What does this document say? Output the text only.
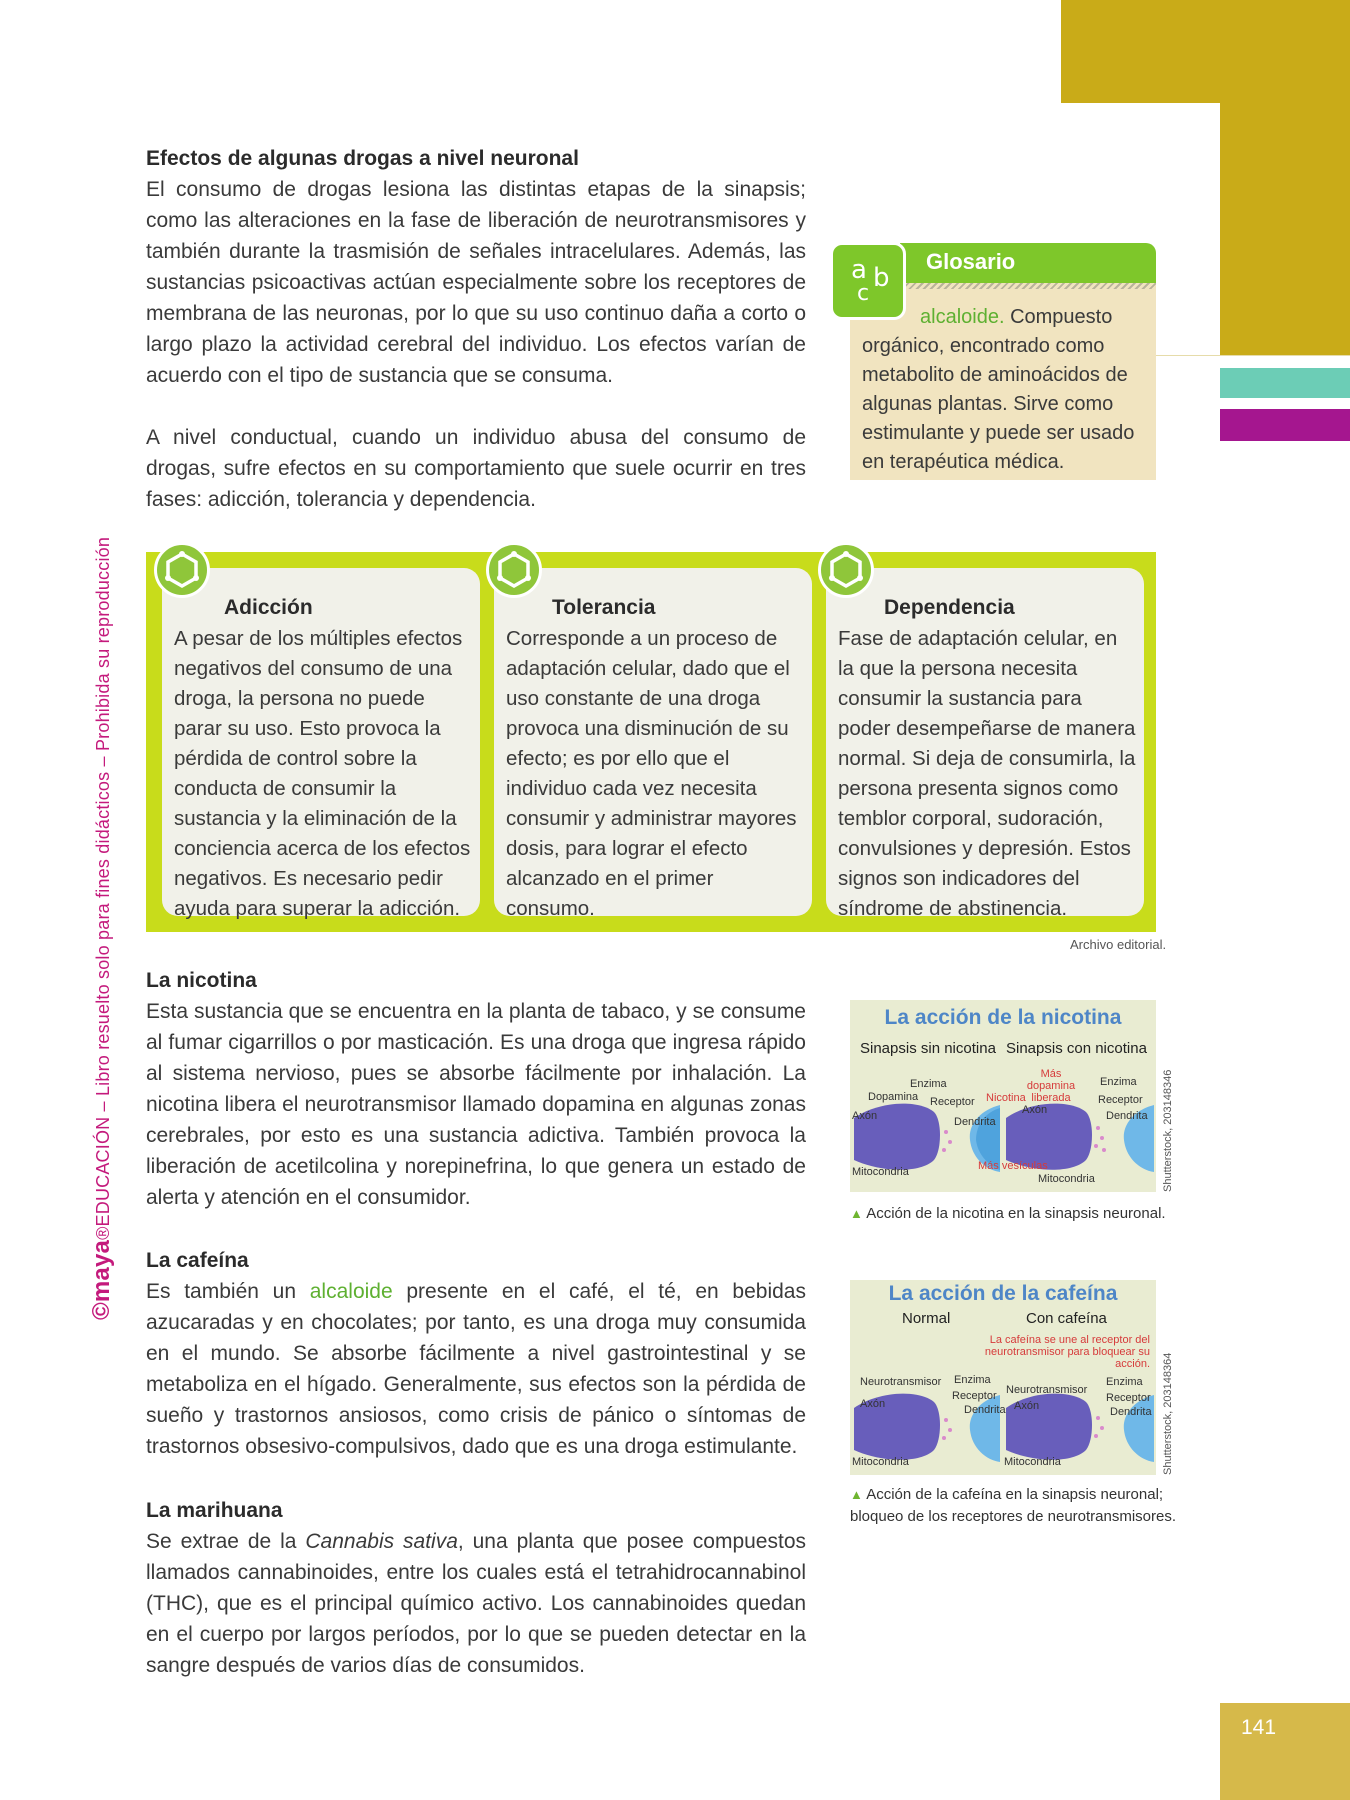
141
©maya®EDUCACIÓN – Libro resuelto solo para fines didácticos – Prohibida su reproducción
Efectos de algunas drogas a nivel neuronal

El consumo de drogas lesiona las distintas etapas de la sinapsis; como las alteraciones en la fase de liberación de neurotransmisores y también durante la trasmisión de señales intracelulares. Además, las sustancias psicoactivas actúan especialmente sobre los receptores de membrana de las neuronas, por lo que su uso continuo daña a corto o largo plazo la actividad cerebral del individuo. Los efectos varían de acuerdo con el tipo de sustancia que se consuma.

A nivel conductual, cuando un individuo abusa del consumo de drogas, sufre efectos en su comportamiento que suele ocurrir en tres fases: adicción, tolerancia y dependencia.

Glosario
a b
c
alcaloide. Compuesto orgánico, encontrado como metabolito de aminoácidos de algunas plantas. Sirve como estimulante y puede ser usado en terapéutica médica.
Adicción
A pesar de los múltiples efectos negativos del consumo de una droga, la persona no puede parar su uso. Esto provoca la pérdida de control sobre la conducta de consumir la sustancia y la eliminación de la conciencia acerca de los efectos negativos. Es necesario pedir ayuda para superar la adicción.
Tolerancia
Corresponde a un proceso de adaptación celular, dado que el uso constante de una droga provoca una disminución de su efecto; es por ello que el individuo cada vez necesita consumir y administrar mayores dosis, para lograr el efecto alcanzado en el primer consumo.
Dependencia
Fase de adaptación celular, en la que la persona necesita consumir la sustancia para poder desempeñarse de manera normal. Si deja de consumirla, la persona presenta signos como temblor corporal, sudoración, convulsiones y depresión. Estos signos son indicadores del síndrome de abstinencia.
Archivo editorial.
La nicotina

Esta sustancia que se encuentra en la planta de tabaco, y se consume al fumar cigarrillos o por masticación. Es una droga que ingresa rápido al sistema nervioso, pues se absorbe fácilmente por inhalación. La nicotina libera el neurotransmisor llamado dopamina en algunas zonas cerebrales, por esto es una sustancia adictiva. También provoca la liberación de acetilcolina y norepinefrina, lo que genera un estado de alerta y atención en el consumidor.

La cafeína

Es también un alcaloide presente en el café, el té, en bebidas azucaradas y en chocolates; por tanto, es una droga muy consumida en el mundo. Se absorbe fácilmente a nivel gastrointestinal y se metaboliza en el hígado. Generalmente, sus efectos son la pérdida de sueño y trastornos ansiosos, como crisis de pánico o síntomas de trastornos obsesivo-compulsivos, dado que es una droga estimulante.

La marihuana

Se extrae de la Cannabis sativa, una planta que posee compuestos llamados cannabinoides, entre los cuales está el tetrahidrocannabinol (THC), que es el principal químico activo. Los cannabinoides quedan en el cuerpo por largos períodos, por lo que se pueden detectar en la sangre después de varios días de consumidos.

La acción de la nicotina
Sinapsis sin nicotina Sinapsis con nicotina
Enzima
Dopamina Receptor
Axón	Dendrita
Mitocondria
Más dopamina liberada
Nicotina
Enzima
Receptor
Axón	Dendrita
Más vesículas
Mitocondria	Shutterstock, 203148346
▲ Acción de la nicotina en la sinapsis neuronal.
La acción de la cafeína
Normal	Con cafeína
La cafeína se une al receptor del neurotransmisor para bloquear su acción.
Neurotransmisor Enzima
Receptor
Axón	Dendrita
Mitocondria
Neurotransmisor
Enzima
Receptor
Axón	Dendrita
Mitocondria	Shutterstock, 203148364
▲ Acción de la cafeína en la sinapsis neuronal;
bloqueo de los receptores de neurotransmisores.
